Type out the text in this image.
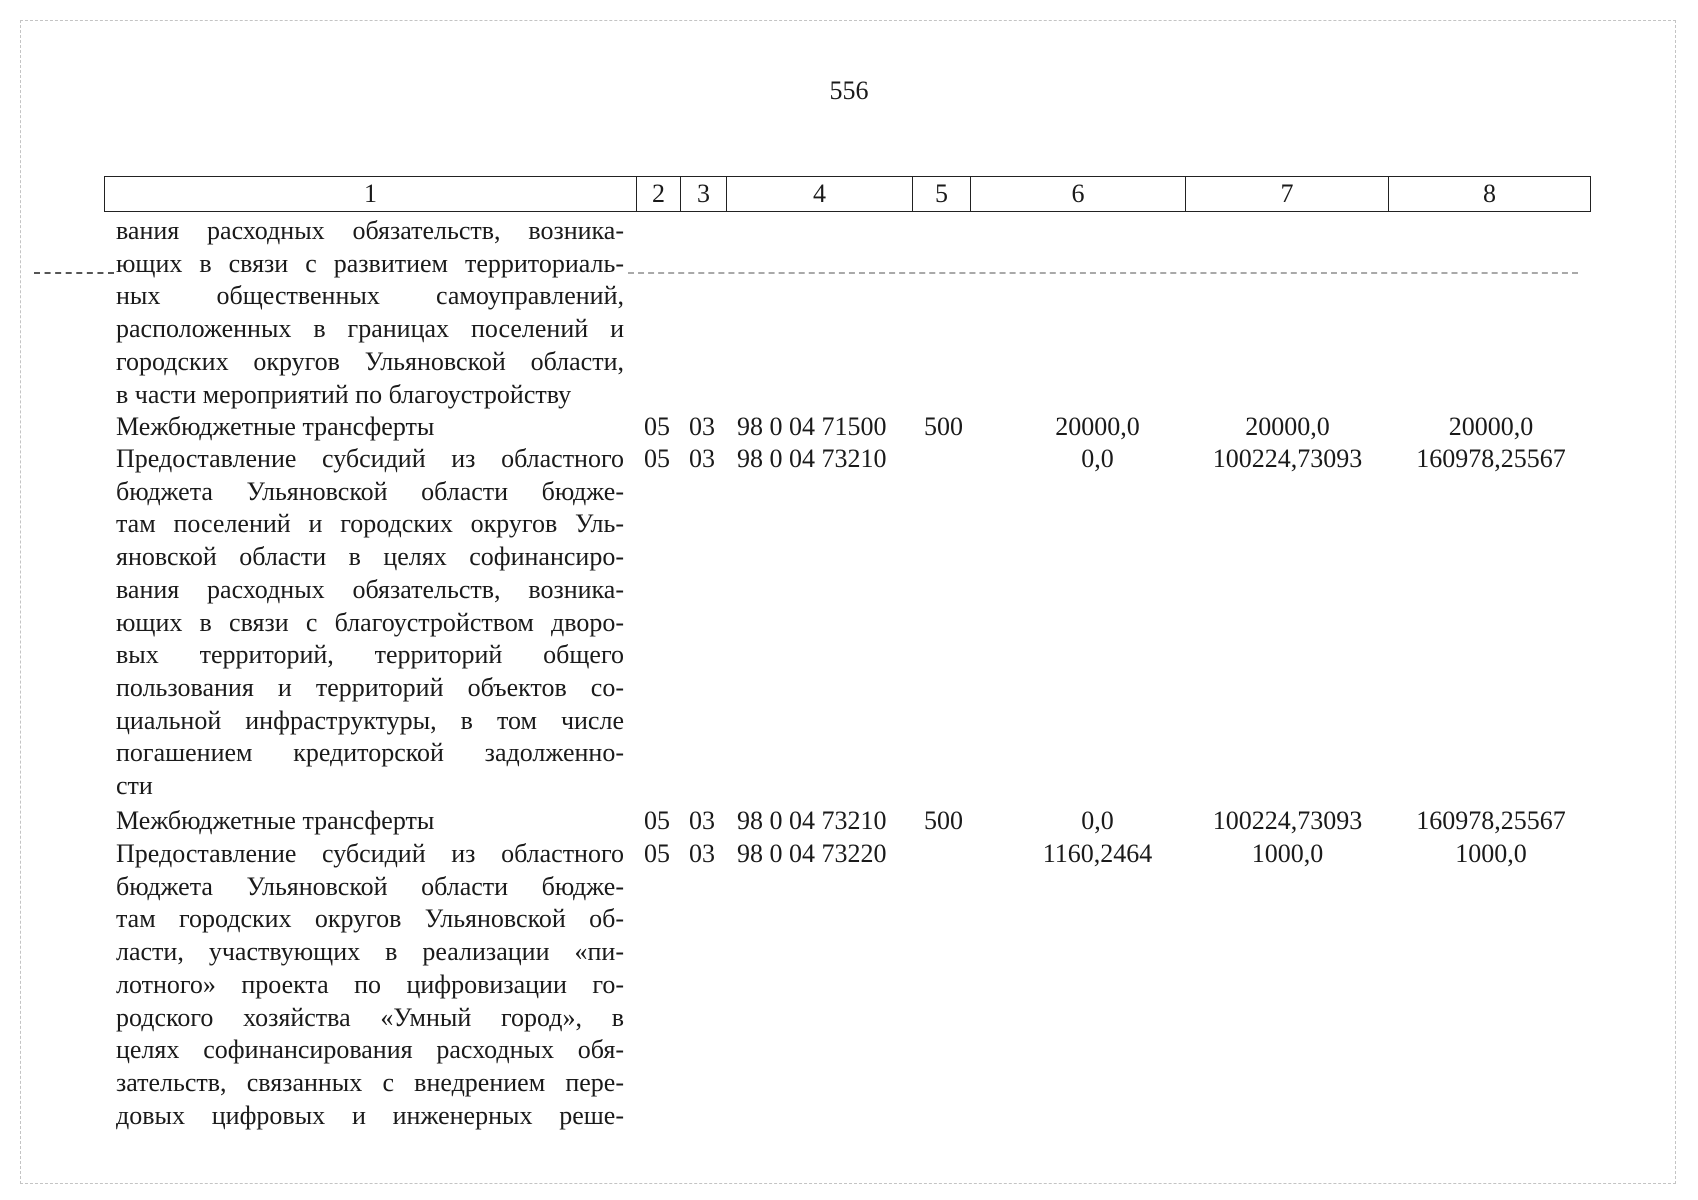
556
1	2	3	4	5	6	7	8
вания расходных обязательств, возника-
ющих в связи с развитием территориаль-
ных общественных самоуправлений,
расположенных в границах поселений и
городских округов Ульяновской области,
в части мероприятий по благоустройству
Межбюджетные трансферты	05 03 98 0 04 71500 500	20000,0	20000,0	20000,0
Предоставление субсидий из областного
бюджета Ульяновской области бюдже-
там поселений и городских округов Уль-
яновской области в целях софинансиро-
вания расходных обязательств, возника-
ющих в связи с благоустройством дворо-
вых территорий, территорий общего
пользования и территорий объектов со-
циальной инфраструктуры, в том числе
погашением кредиторской задолженно-
сти
05 03 98 0 04 73210	0,0	100224,73093	160978,25567
Межбюджетные трансферты	05 03 98 0 04 73210 500	0,0	100224,73093	160978,25567
Предоставление субсидий из областного
бюджета Ульяновской области бюдже-
там городских округов Ульяновской об-
ласти, участвующих в реализации «пи-
лотного» проекта по цифровизации го-
родского хозяйства «Умный город», в
целях софинансирования расходных обя-
зательств, связанных с внедрением пере-
довых цифровых и инженерных реше-
05 03 98 0 04 73220	1160,2464	1000,0	1000,0
